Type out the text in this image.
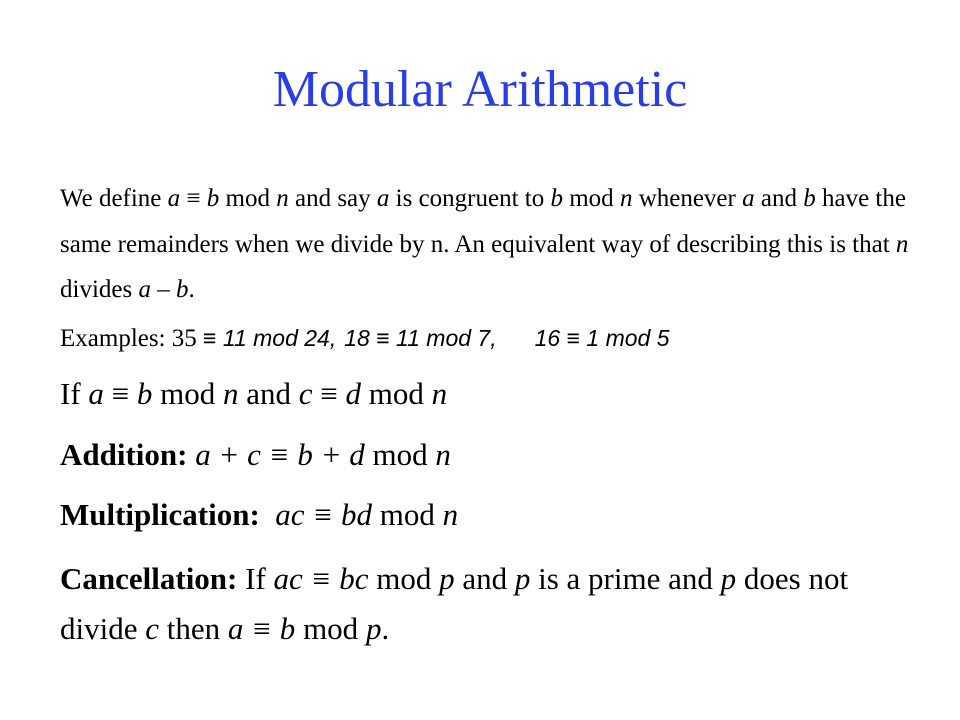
Modular Arithmetic

We define a ≡ b mod n and say a is congruent to b mod n whenever a and b have the same remainders when we divide by n. An equivalent way of describing this is that n divides a – b.

Examples: 35 ≡ 11 mod 24, 18 ≡ 11 mod 7, 16 ≡ 1 mod 5

If a ≡ b mod n and c ≡ d mod n

Addition: a + c ≡ b + d mod n

Multiplication:  ac ≡ bd mod n

Cancellation: If ac ≡ bc mod p and p is a prime and p does not divide c then a ≡ b mod p.
